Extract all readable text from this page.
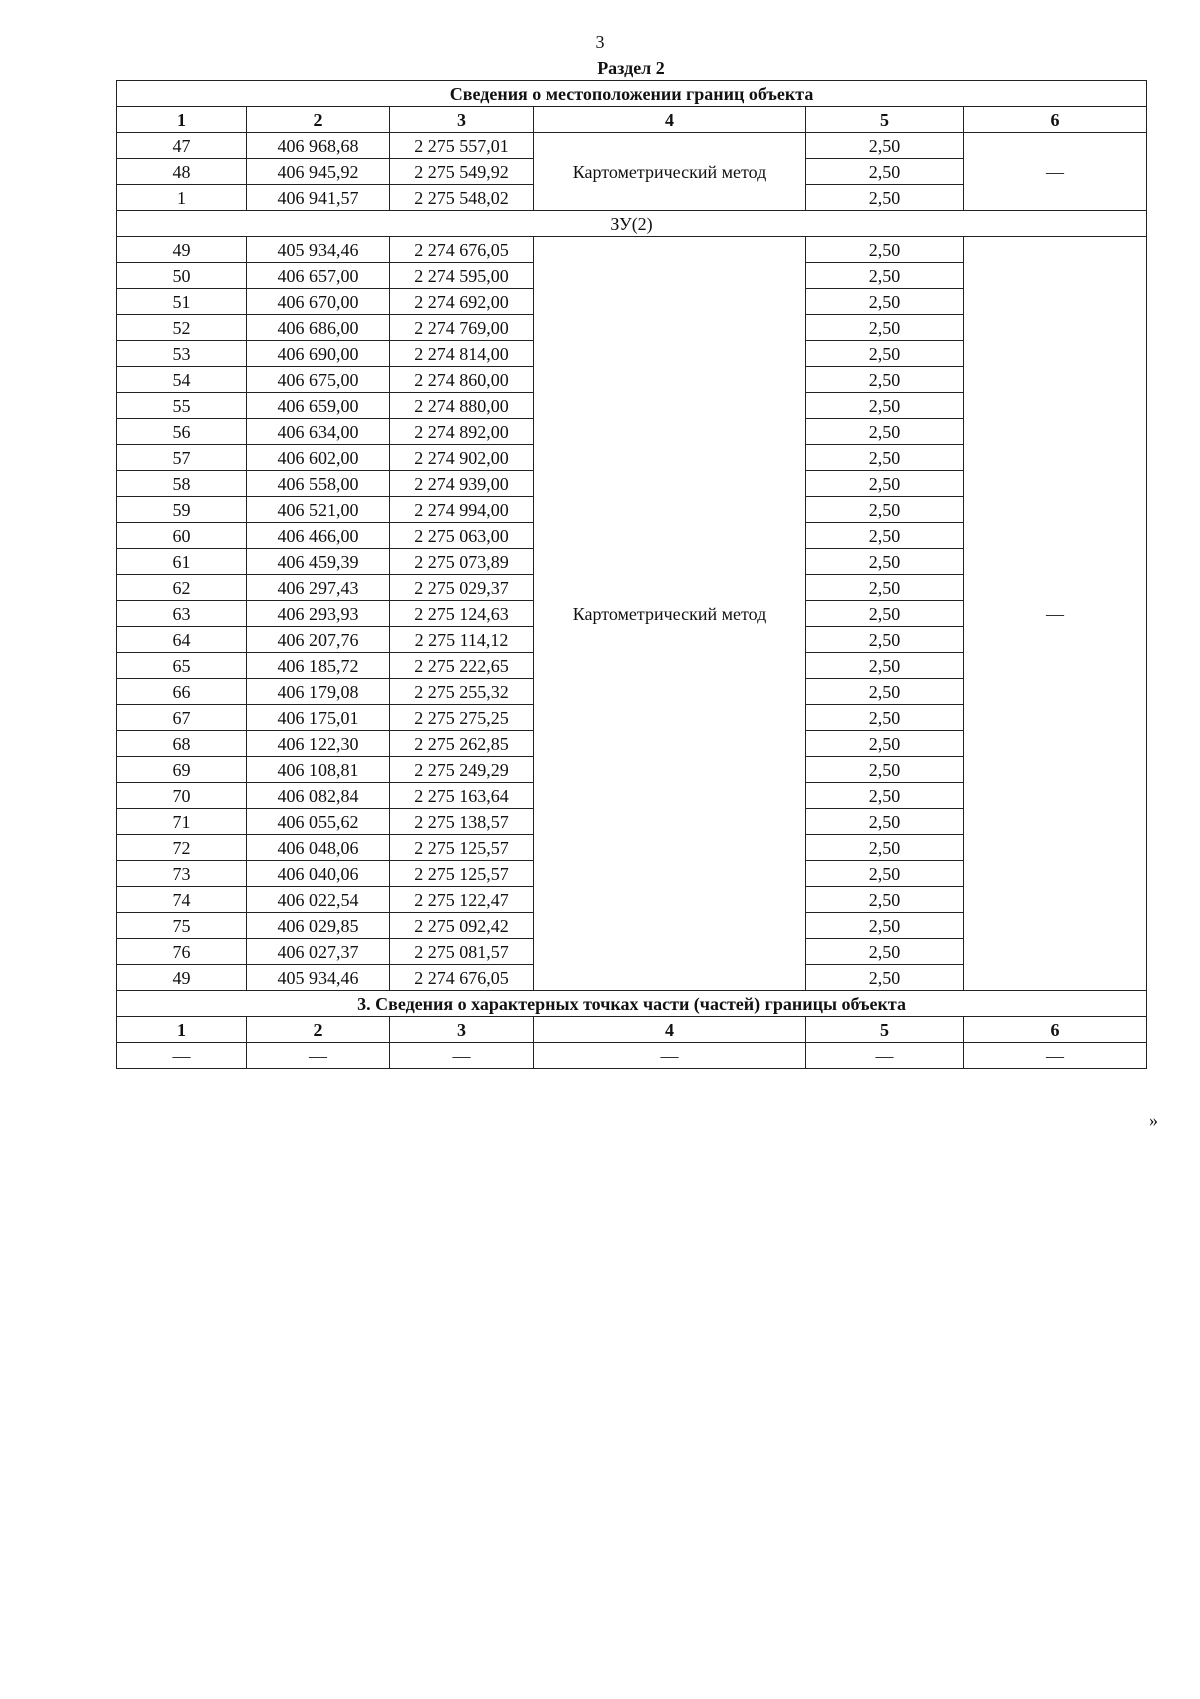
3
Раздел 2
Сведения о местоположении границ объекта					
1	2	3	4	5	6
47	406 968,68	2 275 557,01	Картометрический метод	2,50	—
48	406 945,92	2 275 549,92		2,50	
1	406 941,57	2 275 548,02		2,50	
ЗУ(2)					
49	405 934,46	2 274 676,05	Картометрический метод	2,50	—
50	406 657,00	2 274 595,00		2,50	
51	406 670,00	2 274 692,00		2,50	
52	406 686,00	2 274 769,00		2,50	
53	406 690,00	2 274 814,00		2,50	
54	406 675,00	2 274 860,00		2,50	
55	406 659,00	2 274 880,00		2,50	
56	406 634,00	2 274 892,00		2,50	
57	406 602,00	2 274 902,00		2,50	
58	406 558,00	2 274 939,00		2,50	
59	406 521,00	2 274 994,00		2,50	
60	406 466,00	2 275 063,00		2,50	
61	406 459,39	2 275 073,89		2,50	
62	406 297,43	2 275 029,37		2,50	
63	406 293,93	2 275 124,63		2,50	
64	406 207,76	2 275 114,12		2,50	
65	406 185,72	2 275 222,65		2,50	
66	406 179,08	2 275 255,32		2,50	
67	406 175,01	2 275 275,25		2,50	
68	406 122,30	2 275 262,85		2,50	
69	406 108,81	2 275 249,29		2,50	
70	406 082,84	2 275 163,64		2,50	
71	406 055,62	2 275 138,57		2,50	
72	406 048,06	2 275 125,57		2,50	
73	406 040,06	2 275 125,57		2,50	
74	406 022,54	2 275 122,47		2,50	
75	406 029,85	2 275 092,42		2,50	
76	406 027,37	2 275 081,57		2,50	
49	405 934,46	2 274 676,05		2,50	
3. Сведения о характерных точках части (частей) границы объекта					
1	2	3	4	5	6
—	—	—	—	—	—
»
